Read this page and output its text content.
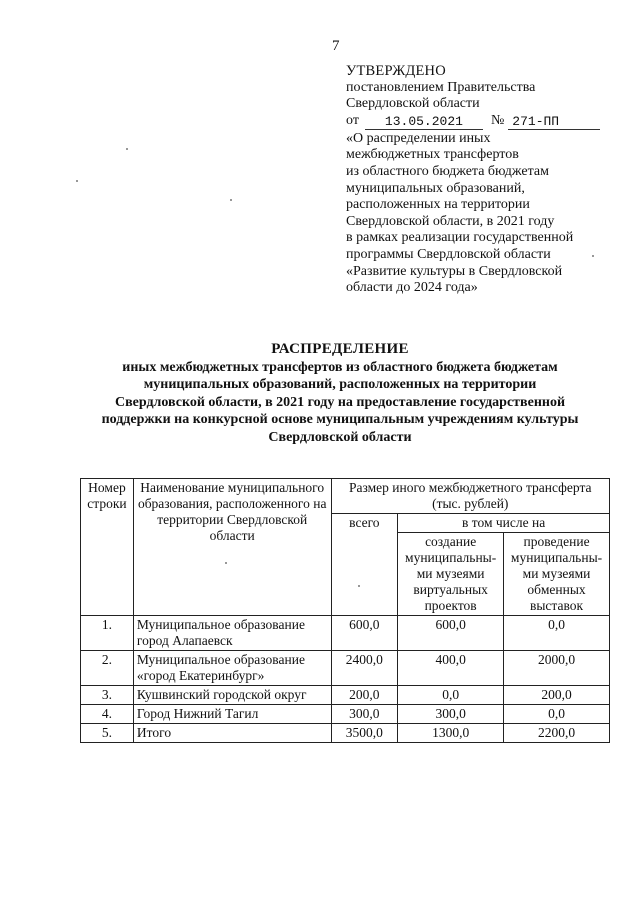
7
УТВЕРЖДЕНО
постановлением Правительства
Свердловской области
от	13.05.2021	№ 271-ПП
«О распределении иных
межбюджетных трансфертов
из областного бюджета бюджетам
муниципальных образований,
расположенных на территории
Свердловской области, в 2021 году
в рамках реализации государственной
программы Свердловской области
«Развитие культуры в Свердловской
области до 2024 года»
РАСПРЕДЕЛЕНИЕ
иных межбюджетных трансфертов из областного бюджета бюджетам
муниципальных образований, расположенных на территории
Свердловской области, в 2021 году на предоставление государственной
поддержки на конкурсной основе муниципальным учреждениям культуры
Свердловской области
Номер строки	Наименование муниципального образования, расположенного на территории Свердловской области	Размер иного межбюджетного трансферта (тыс. рублей)		
		всего	в том числе на	
			создание муниципальны-ми музеями виртуальных проектов	проведение муниципальны-ми музеями обменных выставок
1.	Муниципальное образование город Алапаевск	600,0	600,0	0,0
2.	Муниципальное образование «город Екатеринбург»	2400,0	400,0	2000,0
3.	Кушвинский городской округ	200,0	0,0	200,0
4.	Город Нижний Тагил	300,0	300,0	0,0
5.	Итого	3500,0	1300,0	2200,0
